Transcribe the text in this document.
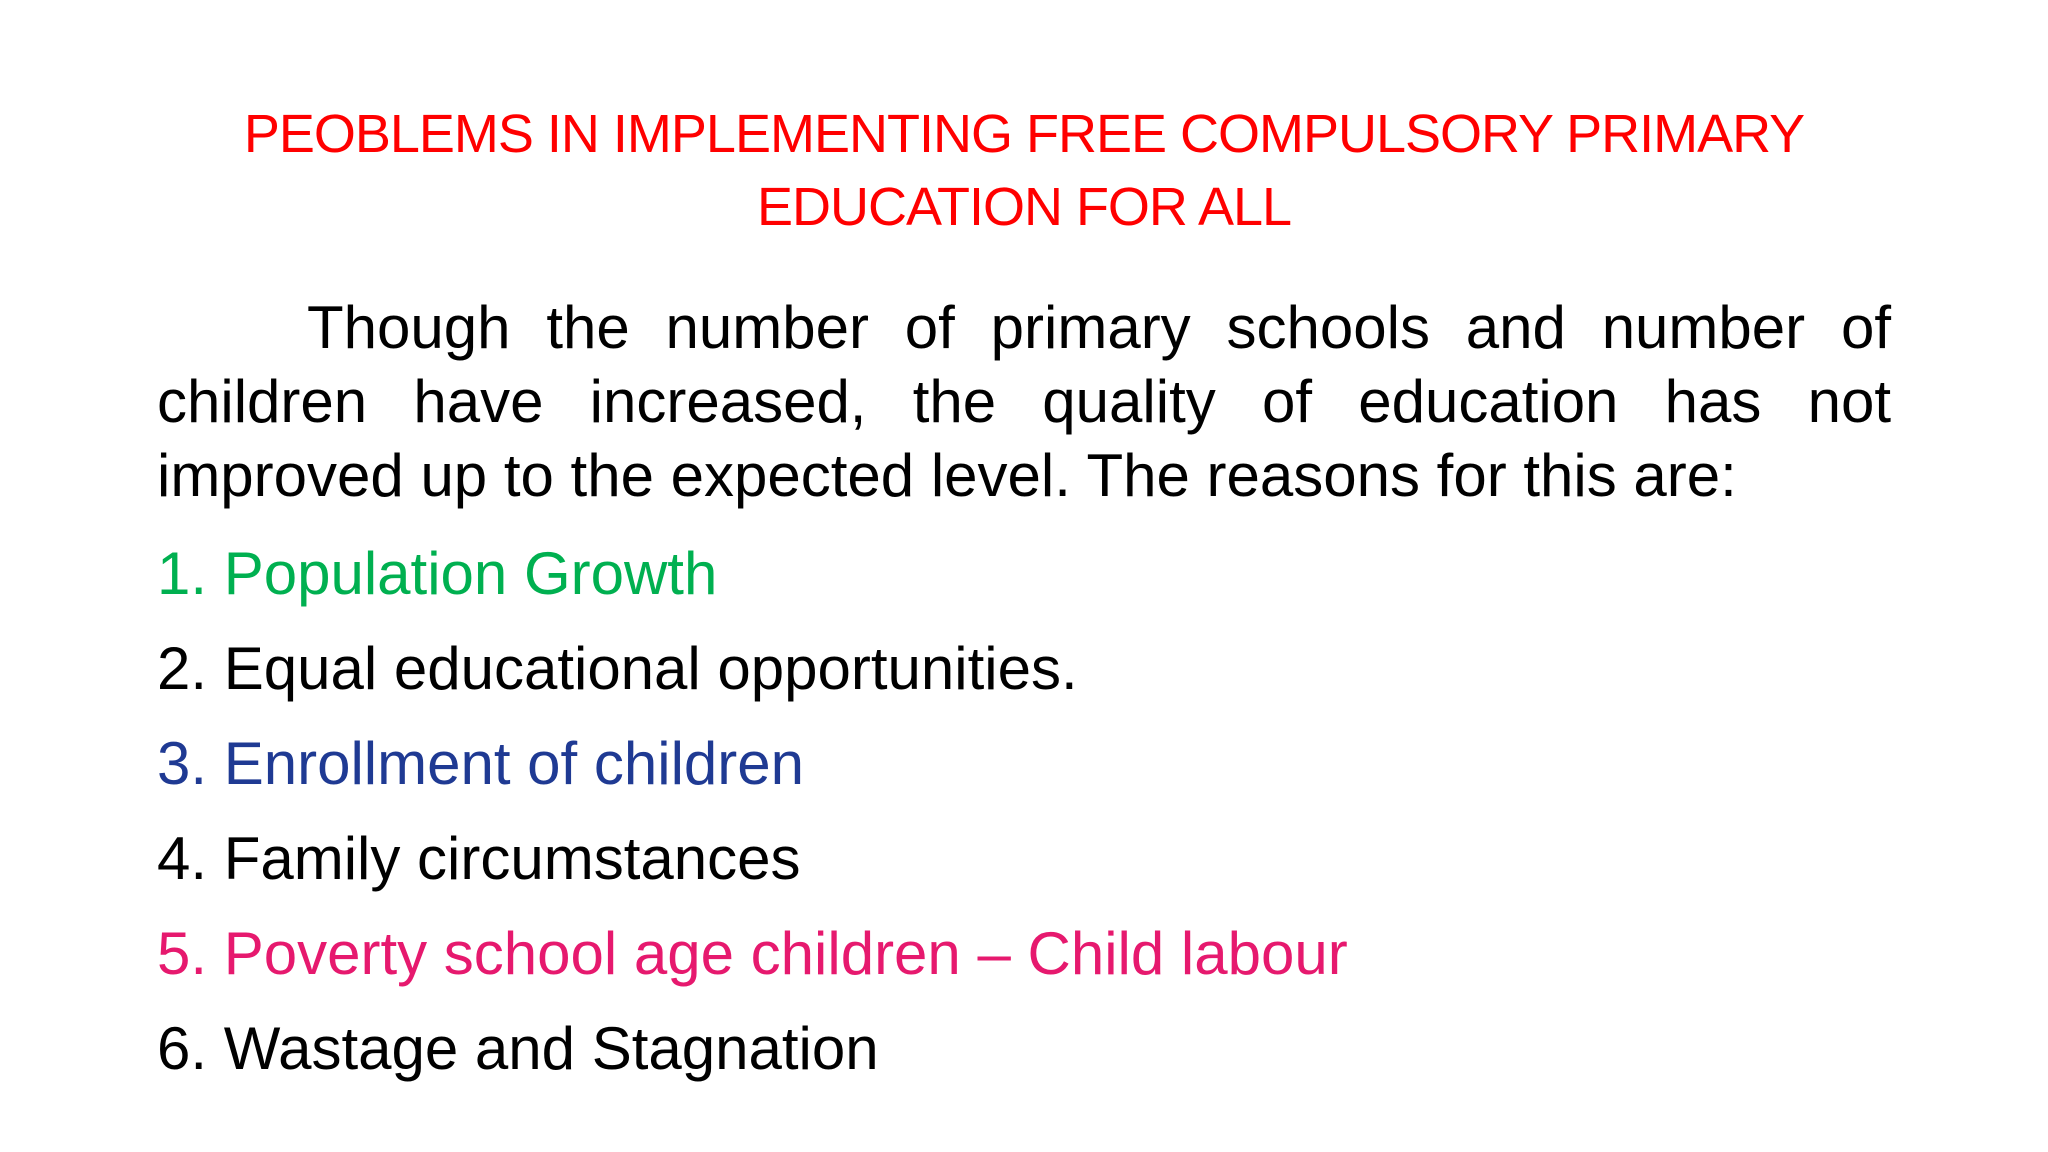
PEOBLEMS IN IMPLEMENTING FREE COMPULSORY PRIMARY
EDUCATION FOR ALL

Though the number of primary schools and number of children have increased, the quality of education has not improved up to the expected level. The reasons for this are:

1. Population Growth
2. Equal educational opportunities.
3. Enrollment of children
4. Family circumstances
5. Poverty school age children – Child labour
6. Wastage and Stagnation
